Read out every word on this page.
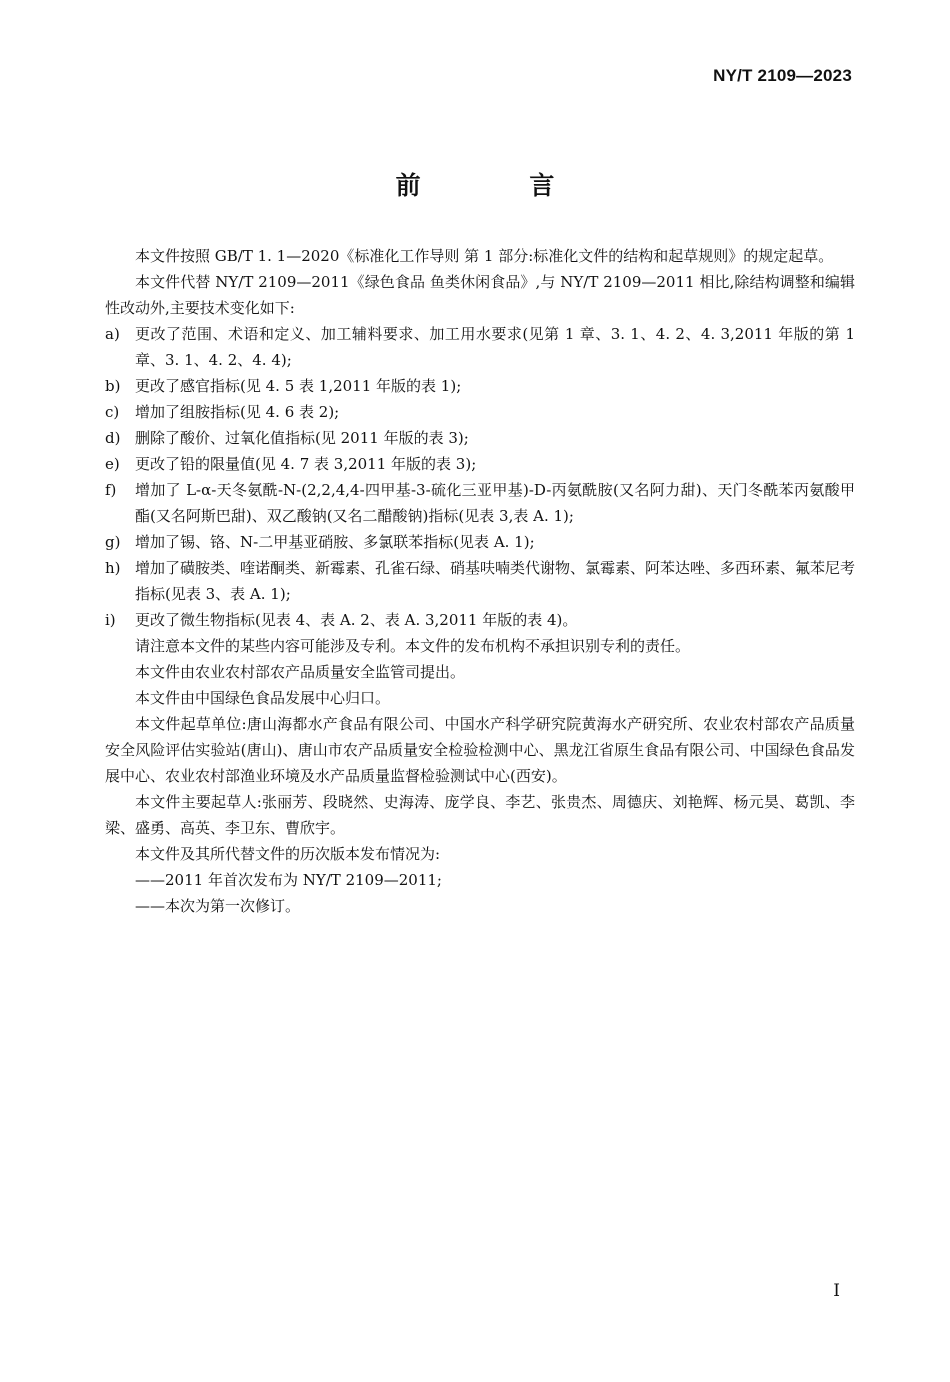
NY/T 2109—2023
前 言

本文件按照 GB/T 1. 1—2020《标准化工作导则 第 1 部分:标准化文件的结构和起草规则》的规定起草。

本文件代替 NY/T 2109—2011《绿色食品 鱼类休闲食品》,与 NY/T 2109—2011 相比,除结构调整和编辑性改动外,主要技术变化如下:

a) 更改了范围、术语和定义、加工辅料要求、加工用水要求(见第 1 章、3. 1、4. 2、4. 3,2011 年版的第 1 章、3. 1、4. 2、4. 4);

b) 更改了感官指标(见 4. 5 表 1,2011 年版的表 1);

c) 增加了组胺指标(见 4. 6 表 2);

d) 删除了酸价、过氧化值指标(见 2011 年版的表 3);

e) 更改了铅的限量值(见 4. 7 表 3,2011 年版的表 3);

f) 增加了 L-α-天冬氨酰-N-(2,2,4,4-四甲基-3-硫化三亚甲基)-D-丙氨酰胺(又名阿力甜)、天门冬酰苯丙氨酸甲酯(又名阿斯巴甜)、双乙酸钠(又名二醋酸钠)指标(见表 3,表 A. 1);

g) 增加了锡、铬、N-二甲基亚硝胺、多氯联苯指标(见表 A. 1);

h) 增加了磺胺类、喹诺酮类、新霉素、孔雀石绿、硝基呋喃类代谢物、氯霉素、阿苯达唑、多西环素、氟苯尼考指标(见表 3、表 A. 1);

i) 更改了微生物指标(见表 4、表 A. 2、表 A. 3,2011 年版的表 4)。

请注意本文件的某些内容可能涉及专利。本文件的发布机构不承担识别专利的责任。

本文件由农业农村部农产品质量安全监管司提出。

本文件由中国绿色食品发展中心归口。

本文件起草单位:唐山海都水产食品有限公司、中国水产科学研究院黄海水产研究所、农业农村部农产品质量安全风险评估实验站(唐山)、唐山市农产品质量安全检验检测中心、黑龙江省原生食品有限公司、中国绿色食品发展中心、农业农村部渔业环境及水产品质量监督检验测试中心(西安)。

本文件主要起草人:张丽芳、段晓然、史海涛、庞学良、李艺、张贵杰、周德庆、刘艳辉、杨元昊、葛凯、李梁、盛勇、高英、李卫东、曹欣宇。

本文件及其所代替文件的历次版本发布情况为:

——2011 年首次发布为 NY/T 2109—2011;

——本次为第一次修订。

I
